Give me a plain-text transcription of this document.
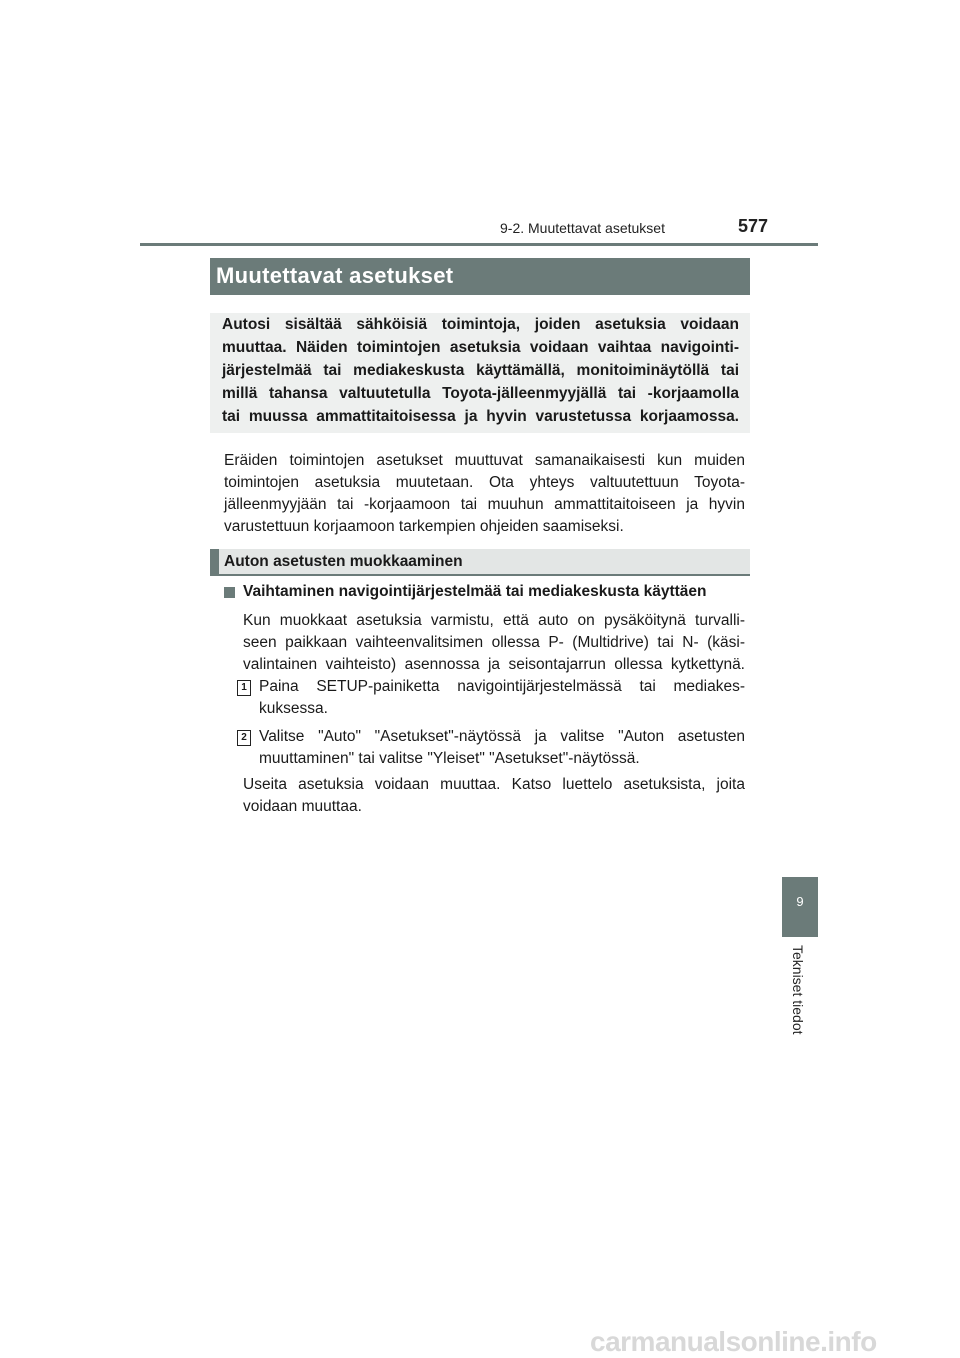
9-2. Muutettavat asetukset	577
Muutettavat asetukset
Autosi sisältää sähköisiä toimintoja, joiden asetuksia voidaan
muuttaa. Näiden toimintojen asetuksia voidaan vaihtaa navigointi-
järjestelmää tai mediakeskusta käyttämällä, monitoiminäytöllä tai
millä tahansa valtuutetulla Toyota-jälleenmyyjällä tai -korjaamolla
tai muussa ammattitaitoisessa ja hyvin varustetussa korjaamossa.
Eräiden toimintojen asetukset muuttuvat samanaikaisesti kun muiden
toimintojen asetuksia muutetaan. Ota yhteys valtuutettuun Toyota-
jälleenmyyjään tai -korjaamoon tai muuhun ammattitaitoiseen ja hyvin
varustettuun korjaamoon tarkempien ohjeiden saamiseksi.
Auton asetusten muokkaaminen
Vaihtaminen navigointijärjestelmää tai mediakeskusta käyttäen
Kun muokkaat asetuksia varmistu, että auto on pysäköitynä turvalli-
seen paikkaan vaihteenvalitsimen ollessa P- (Multidrive) tai N- (käsi-
valintainen vaihteisto) asennossa ja seisontajarrun ollessa kytkettynä.
1 Paina SETUP-painiketta navigointijärjestelmässä tai mediakes-
kuksessa.
2 Valitse "Auto" "Asetukset"-näytössä ja valitse "Auton asetusten
muuttaminen" tai valitse "Yleiset" "Asetukset"-näytössä.
Useita asetuksia voidaan muuttaa. Katso luettelo asetuksista, joita
voidaan muuttaa.
9
Tekniset tiedot
carmanualsonline.info
